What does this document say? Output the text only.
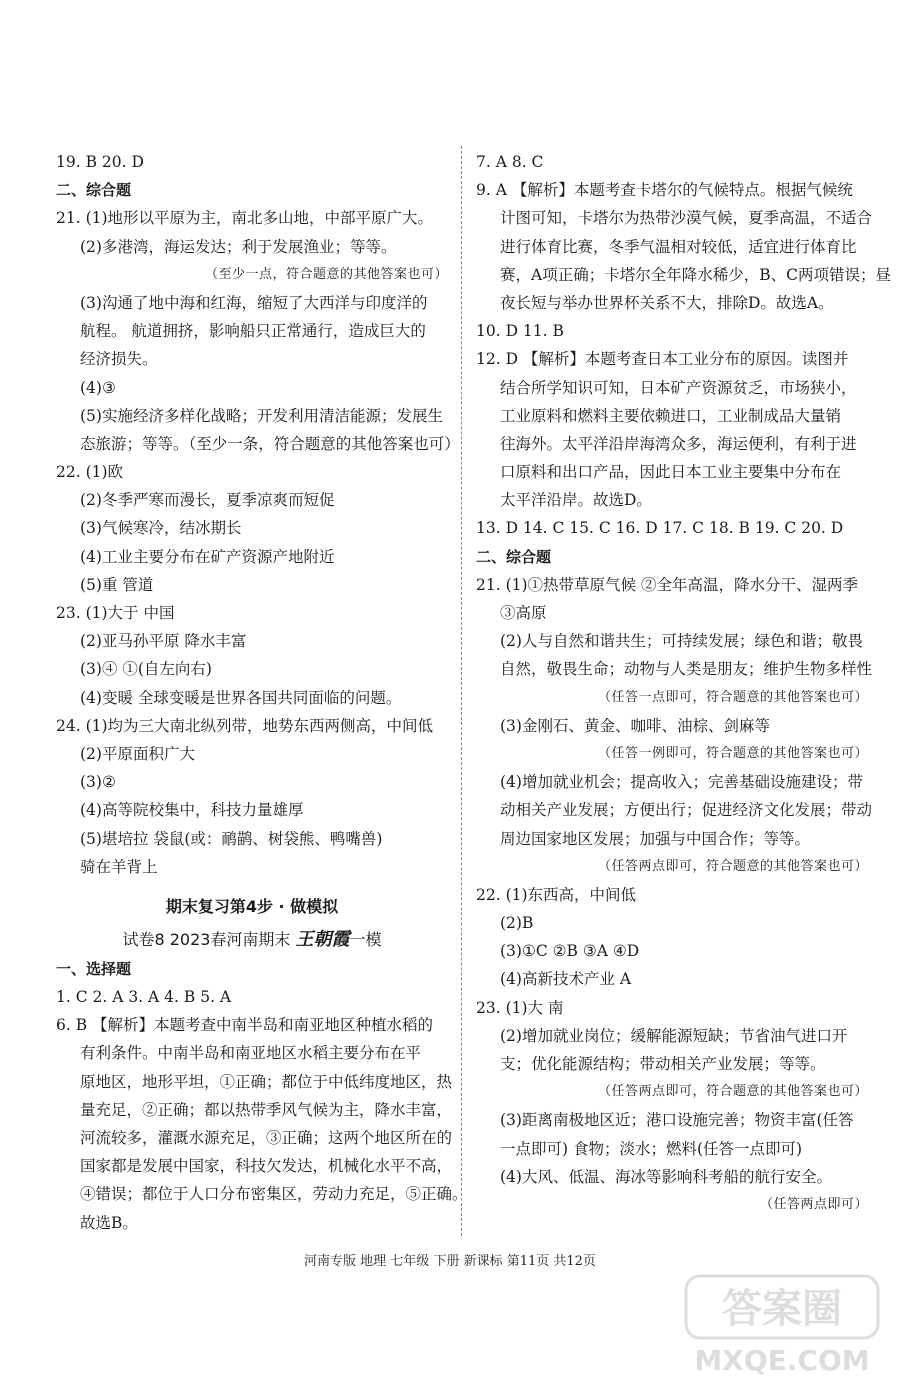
19. B 20. D
二、综合题
21. (1)地形以平原为主，南北多山地，中部平原广大。
(2)多港湾，海运发达；利于发展渔业；等等。
（至少一点，符合题意的其他答案也可）
(3)沟通了地中海和红海，缩短了大西洋与印度洋的
航程。 航道拥挤，影响船只正常通行，造成巨大的
经济损失。
(4)③
(5)实施经济多样化战略；开发利用清洁能源；发展生
态旅游；等等。（至少一条，符合题意的其他答案也可）
22. (1)欧
(2)冬季严寒而漫长，夏季凉爽而短促
(3)气候寒冷，结冰期长
(4)工业主要分布在矿产资源产地附近
(5)重 管道
23. (1)大于 中国
(2)亚马孙平原 降水丰富
(3)④ ①(自左向右)
(4)变暖 全球变暖是世界各国共同面临的问题。
24. (1)均为三大南北纵列带，地势东西两侧高，中间低
(2)平原面积广大
(3)②
(4)高等院校集中，科技力量雄厚
(5)堪培拉 袋鼠(或：鸸鹋、树袋熊、鸭嘴兽)
骑在羊背上
期末复习第4步 · 做模拟
试卷8 2023春河南期末 王朝霞一模
一、选择题
1. C 2. A 3. A 4. B 5. A
6. B 【解析】本题考查中南半岛和南亚地区种植水稻的
有利条件。中南半岛和南亚地区水稻主要分布在平
原地区，地形平坦，①正确；都位于中低纬度地区，热
量充足，②正确；都以热带季风气候为主，降水丰富，
河流较多，灌溉水源充足，③正确；这两个地区所在的
国家都是发展中国家，科技欠发达，机械化水平不高，
④错误；都位于人口分布密集区，劳动力充足，⑤正确。
故选B。
7. A 8. C
9. A 【解析】本题考查卡塔尔的气候特点。根据气候统
计图可知，卡塔尔为热带沙漠气候，夏季高温，不适合
进行体育比赛，冬季气温相对较低，适宜进行体育比
赛，A项正确；卡塔尔全年降水稀少，B、C两项错误；昼
夜长短与举办世界杯关系不大，排除D。故选A。
10. D 11. B
12. D 【解析】本题考查日本工业分布的原因。读图并
结合所学知识可知，日本矿产资源贫乏，市场狭小，
工业原料和燃料主要依赖进口，工业制成品大量销
往海外。太平洋沿岸海湾众多，海运便利，有利于进
口原料和出口产品，因此日本工业主要集中分布在
太平洋沿岸。故选D。
13. D 14. C 15. C 16. D 17. C 18. B 19. C 20. D
二、综合题
21. (1)①热带草原气候 ②全年高温，降水分干、湿两季
③高原
(2)人与自然和谐共生；可持续发展；绿色和谐；敬畏
自然，敬畏生命；动物与人类是朋友；维护生物多样性
（任答一点即可，符合题意的其他答案也可）
(3)金刚石、黄金、咖啡、油棕、剑麻等
（任答一例即可，符合题意的其他答案也可）
(4)增加就业机会；提高收入；完善基础设施建设；带
动相关产业发展；方便出行；促进经济文化发展；带动
周边国家地区发展；加强与中国合作；等等。
（任答两点即可，符合题意的其他答案也可）
22. (1)东西高，中间低
(2)B
(3)①C ②B ③A ④D
(4)高新技术产业 A
23. (1)大 南
(2)增加就业岗位；缓解能源短缺；节省油气进口开
支；优化能源结构；带动相关产业发展；等等。
（任答两点即可，符合题意的其他答案也可）
(3)距离南极地区近；港口设施完善；物资丰富(任答
一点即可) 食物；淡水；燃料(任答一点即可)
(4)大风、低温、海冰等影响科考船的航行安全。
（任答两点即可）
河南专版 地理 七年级 下册 新课标 第11页 共12页
答案圈
MXQE.COM
